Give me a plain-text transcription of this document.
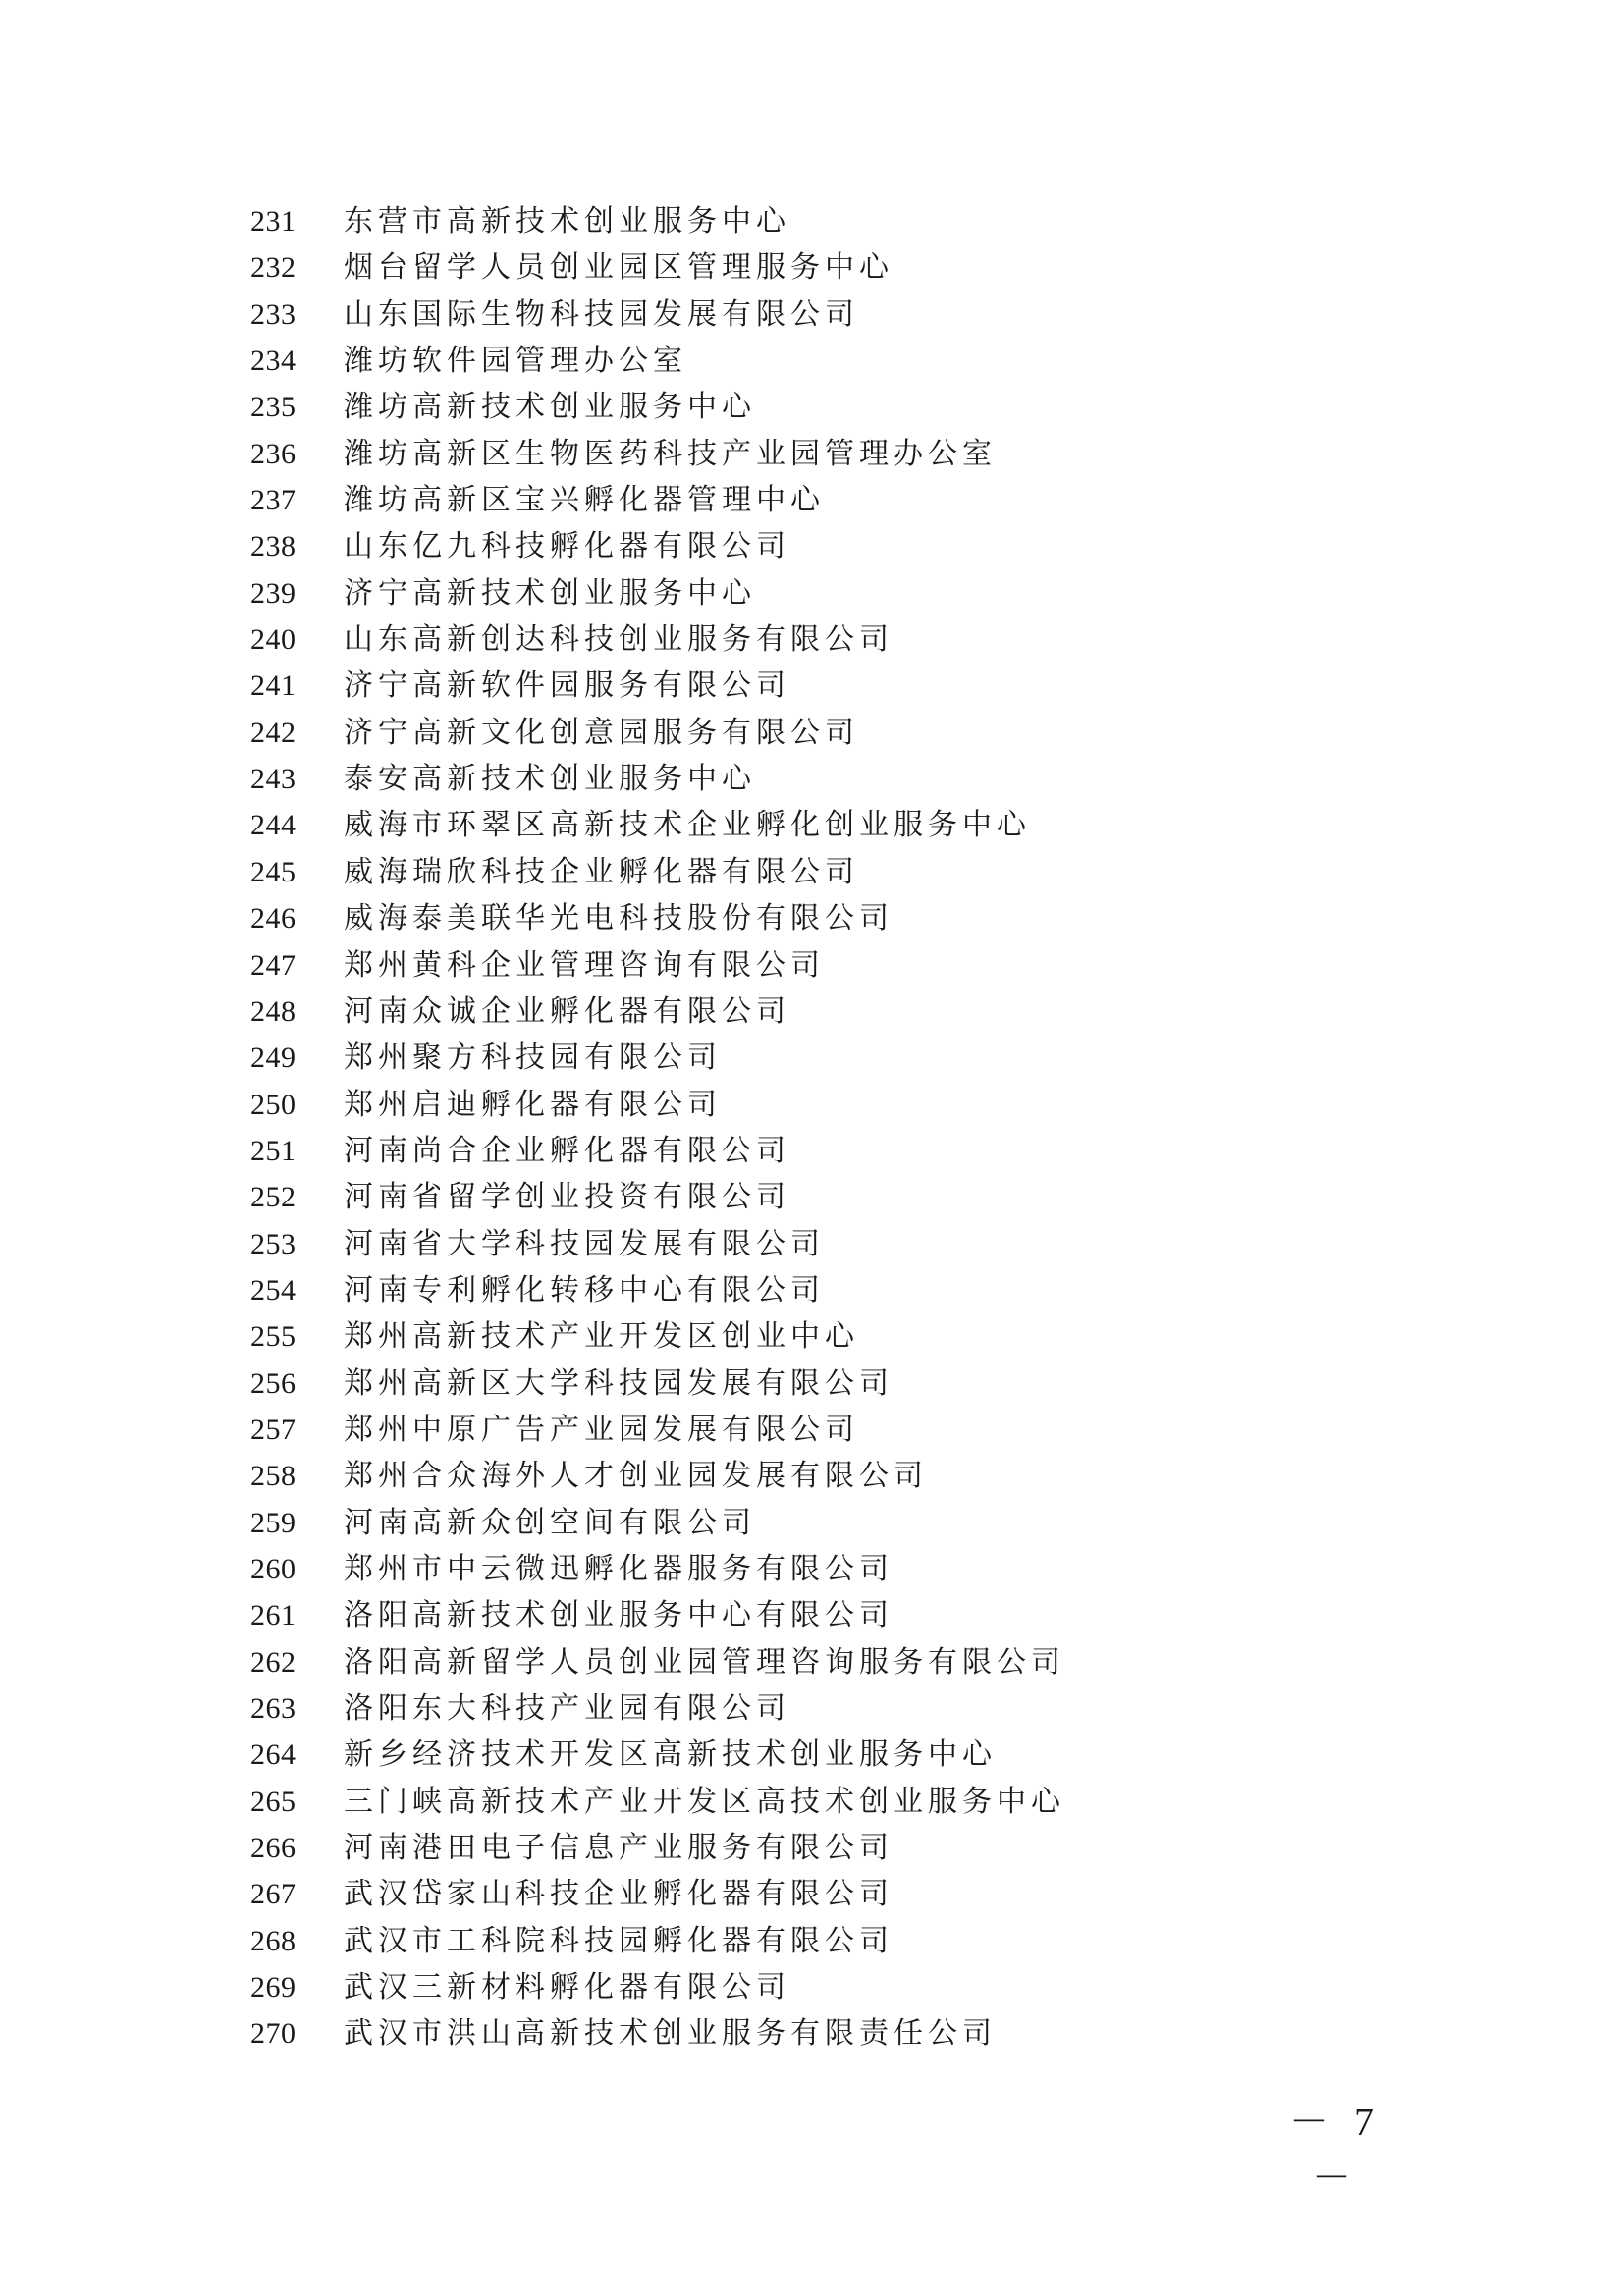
231	东营市高新技术创业服务中心
232	烟台留学人员创业园区管理服务中心
233	山东国际生物科技园发展有限公司
234	潍坊软件园管理办公室
235	潍坊高新技术创业服务中心
236	潍坊高新区生物医药科技产业园管理办公室
237	潍坊高新区宝兴孵化器管理中心
238	山东亿九科技孵化器有限公司
239	济宁高新技术创业服务中心
240	山东高新创达科技创业服务有限公司
241	济宁高新软件园服务有限公司
242	济宁高新文化创意园服务有限公司
243	泰安高新技术创业服务中心
244	威海市环翠区高新技术企业孵化创业服务中心
245	威海瑞欣科技企业孵化器有限公司
246	威海泰美联华光电科技股份有限公司
247	郑州黄科企业管理咨询有限公司
248	河南众诚企业孵化器有限公司
249	郑州聚方科技园有限公司
250	郑州启迪孵化器有限公司
251	河南尚合企业孵化器有限公司
252	河南省留学创业投资有限公司
253	河南省大学科技园发展有限公司
254	河南专利孵化转移中心有限公司
255	郑州高新技术产业开发区创业中心
256	郑州高新区大学科技园发展有限公司
257	郑州中原广告产业园发展有限公司
258	郑州合众海外人才创业园发展有限公司
259	河南高新众创空间有限公司
260	郑州市中云微迅孵化器服务有限公司
261	洛阳高新技术创业服务中心有限公司
262	洛阳高新留学人员创业园管理咨询服务有限公司
263	洛阳东大科技产业园有限公司
264	新乡经济技术开发区高新技术创业服务中心
265	三门峡高新技术产业开发区高技术创业服务中心
266	河南港田电子信息产业服务有限公司
267	武汉岱家山科技企业孵化器有限公司
268	武汉市工科院科技园孵化器有限公司
269	武汉三新材料孵化器有限公司
270	武汉市洪山高新技术创业服务有限责任公司
－ 7 －
